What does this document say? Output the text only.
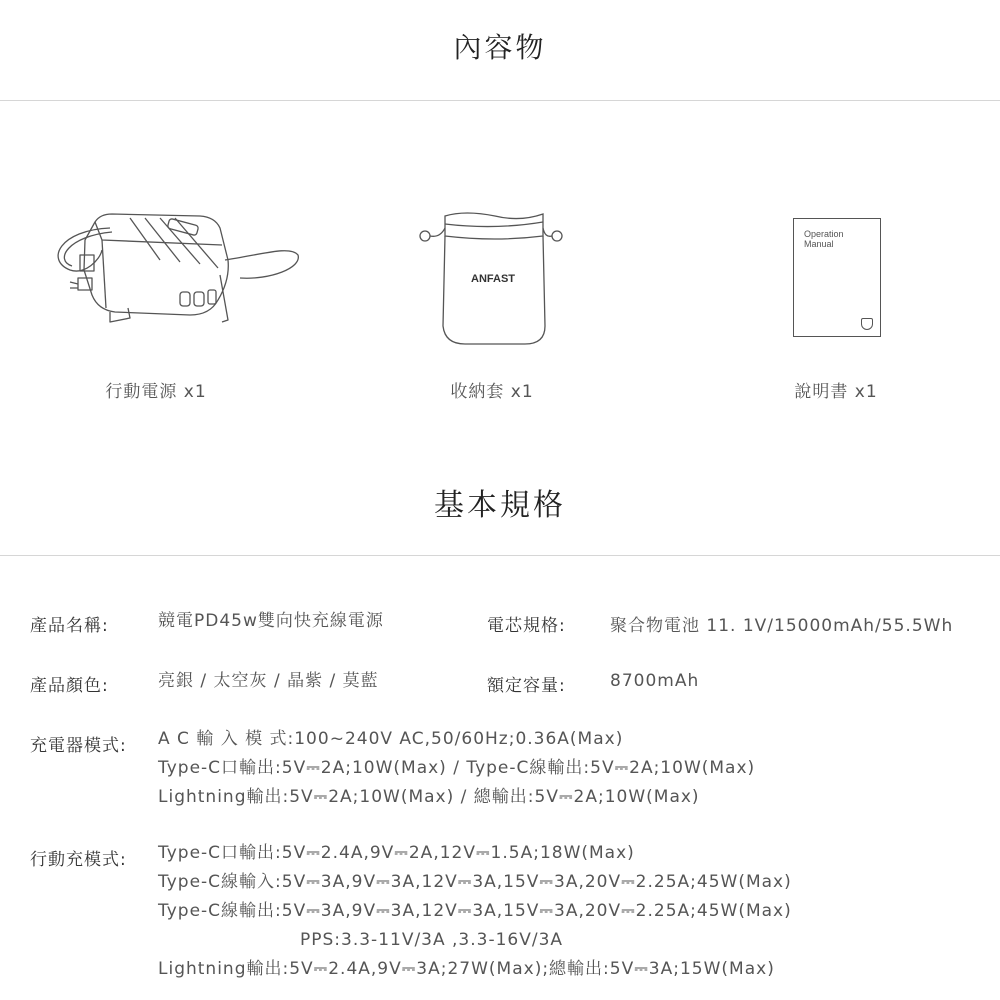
內容物
ANFAST
Operation
Manual
行動電源 x1	收納套 x1	說明書 x1
基本規格
產品名稱:	競電PD45w雙向快充線電源	電芯規格:	聚合物電池 11. 1V/15000mAh/55.5Wh
產品顏色:	亮銀 / 太空灰 / 晶紫 / 莫藍	額定容量:	8700mAh
充電器模式: A C 輸 入 模 式:100~240V AC,50/60Hz;0.36A(Max)
Type-C口輸出:5V⎓2A;10W(Max) / Type-C線輸出:5V⎓2A;10W(Max)
Lightning輸出:5V⎓2A;10W(Max) / 總輸出:5V⎓2A;10W(Max)
行動充模式: Type-C口輸出:5V⎓2.4A,9V⎓2A,12V⎓1.5A;18W(Max)
Type-C線輸入:5V⎓3A,9V⎓3A,12V⎓3A,15V⎓3A,20V⎓2.25A;45W(Max)
Type-C線輸出:5V⎓3A,9V⎓3A,12V⎓3A,15V⎓3A,20V⎓2.25A;45W(Max)
PPS:3.3-11V/3A ,3.3-16V/3A
Lightning輸出:5V⎓2.4A,9V⎓3A;27W(Max);總輸出:5V⎓3A;15W(Max)
